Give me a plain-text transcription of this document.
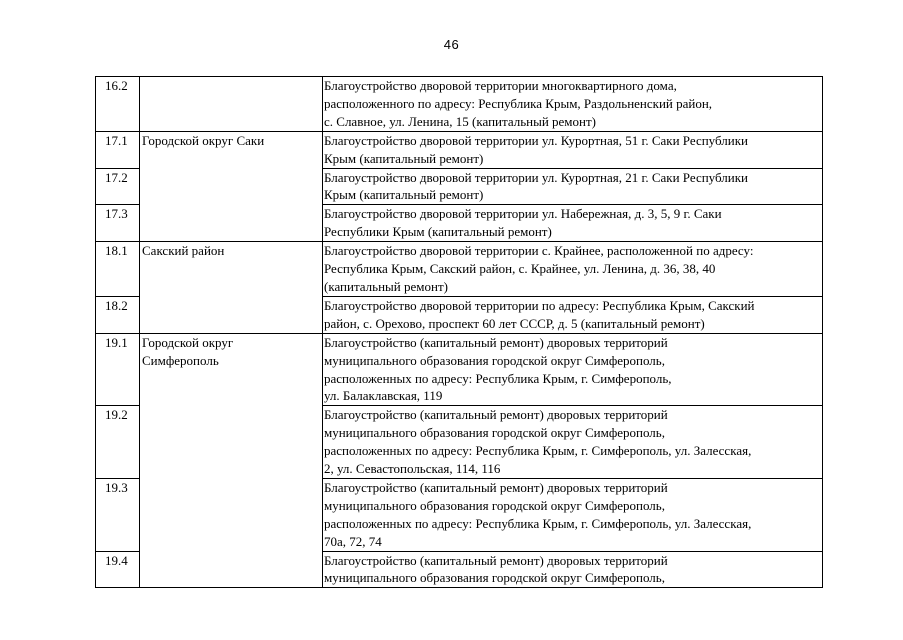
46
16.2		Благоустройство дворовой территории многоквартирного дома,
расположенного по адресу: Республика Крым, Раздольненский район,
с. Славное, ул. Ленина, 15 (капитальный ремонт)

17.1	Городской округ Саки	Благоустройство дворовой территории ул. Курортная, 51 г. Саки Республики
Крым (капитальный ремонт)

17.2		Благоустройство дворовой территории ул. Курортная, 21 г. Саки Республики
Крым (капитальный ремонт)

17.3		Благоустройство дворовой территории ул. Набережная, д. 3, 5, 9 г. Саки
Республики Крым (капитальный ремонт)

18.1	Сакский район	Благоустройство дворовой территории с. Крайнее, расположенной по адресу:
Республика Крым, Сакский район, с. Крайнее, ул. Ленина, д. 36, 38, 40
(капитальный ремонт)

18.2		Благоустройство дворовой территории по адресу: Республика Крым, Сакский
район, с. Орехово, проспект 60 лет СССР, д. 5 (капитальный ремонт)

19.1	Городской округ
Симферополь	Благоустройство (капитальный ремонт) дворовых территорий
муниципального образования городской округ Симферополь,
расположенных по адресу: Республика Крым, г. Симферополь,
ул. Балаклавская, 119

19.2		Благоустройство (капитальный ремонт) дворовых территорий
муниципального образования городской округ Симферополь,
расположенных по адресу: Республика Крым, г. Симферополь, ул. Залесская,
2, ул. Севастопольская, 114, 116

19.3		Благоустройство (капитальный ремонт) дворовых территорий
муниципального образования городской округ Симферополь,
расположенных по адресу: Республика Крым, г. Симферополь, ул. Залесская,
70а, 72, 74

19.4		Благоустройство (капитальный ремонт) дворовых территорий
муниципального образования городской округ Симферополь,
